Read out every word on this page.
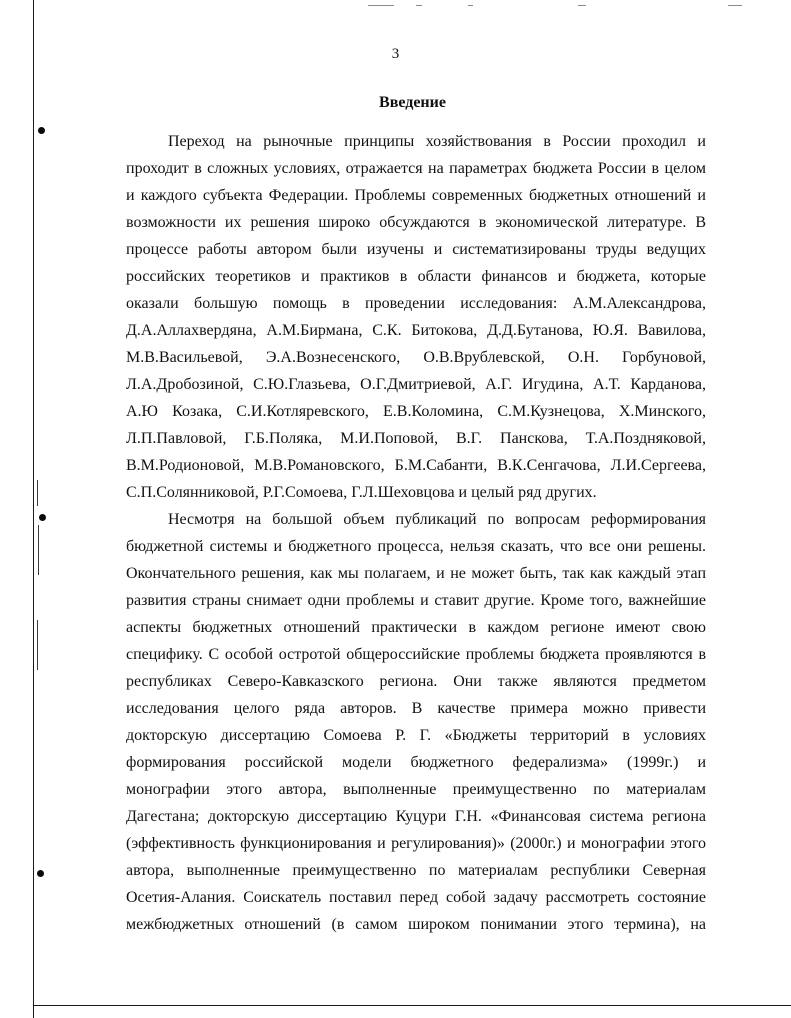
3
Введение
Переход на рыночные принципы хозяйствования в России проходил и
проходит в сложных условиях, отражается на параметрах бюджета России в целом
и каждого субъекта Федерации. Проблемы современных бюджетных отношений и
возможности их решения широко обсуждаются в экономической литературе. В
процессе работы автором были изучены и систематизированы труды ведущих
российских теоретиков и практиков в области финансов и бюджета, которые
оказали большую помощь в проведении исследования: А.М.Александрова,
Д.А.Аллахвердяна, А.М.Бирмана, С.К. Битокова, Д.Д.Бутанова, Ю.Я. Вавилова,
М.В.Васильевой, Э.А.Вознесенского, О.В.Врублевской, О.Н. Горбуновой,
Л.А.Дробозиной, С.Ю.Глазьева, О.Г.Дмитриевой, А.Г. Игудина, А.Т. Карданова,
А.Ю Козака, С.И.Котляревского, Е.В.Коломина, С.М.Кузнецова, Х.Минского,
Л.П.Павловой, Г.Б.Поляка, М.И.Поповой, В.Г. Панскова, Т.А.Поздняковой,
В.М.Родионовой, М.В.Романовского, Б.М.Сабанти, В.К.Сенгачова, Л.И.Сергеева,
С.П.Солянниковой, Р.Г.Сомоева, Г.Л.Шеховцова и целый ряд других.
Несмотря на большой объем публикаций по вопросам реформирования
бюджетной системы и бюджетного процесса, нельзя сказать, что все они решены.
Окончательного решения, как мы полагаем, и не может быть, так как каждый этап
развития страны снимает одни проблемы и ставит другие. Кроме того, важнейшие
аспекты бюджетных отношений практически в каждом регионе имеют свою
специфику. С особой остротой общероссийские проблемы бюджета проявляются в
республиках Северо-Кавказского региона. Они также являются предметом
исследования целого ряда авторов. В качестве примера можно привести
докторскую диссертацию Сомоева Р. Г. «Бюджеты территорий в условиях
формирования российской модели бюджетного федерализма» (1999г.) и
монографии этого автора, выполненные преимущественно по материалам
Дагестана; докторскую диссертацию Куцури Г.Н. «Финансовая система региона
(эффективность функционирования и регулирования)» (2000г.) и монографии этого
автора, выполненные преимущественно по материалам республики Северная
Осетия-Алания. Соискатель поставил перед собой задачу рассмотреть состояние
межбюджетных отношений (в самом широком понимании этого термина), на
